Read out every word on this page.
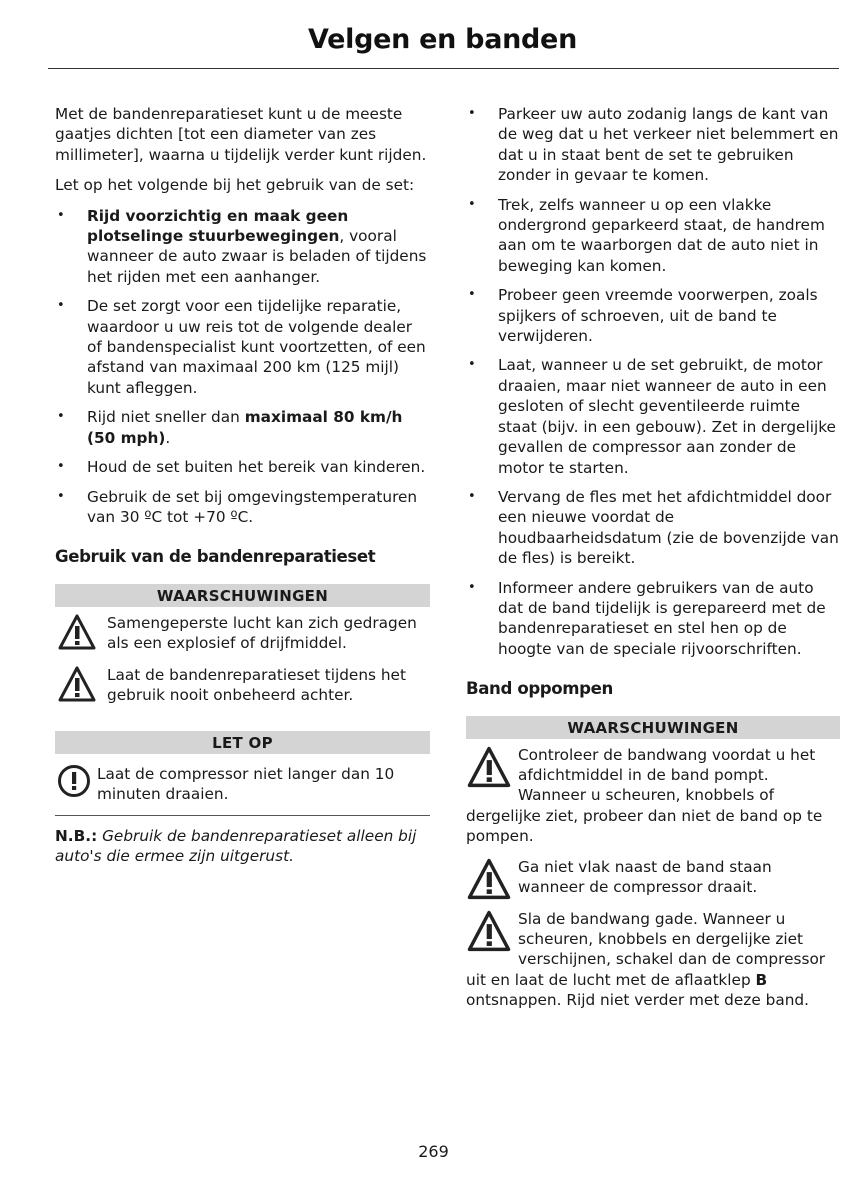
Velgen en banden

Met de bandenreparatieset kunt u de meeste gaatjes dichten [tot een diameter van zes millimeter], waarna u tijdelijk verder kunt rijden.

Let op het volgende bij het gebruik van de set:

• Rijd voorzichtig en maak geen plotselinge stuurbewegingen, vooral wanneer de auto zwaar is beladen of tijdens het rijden met een aanhanger.
• De set zorgt voor een tijdelijke reparatie, waardoor u uw reis tot de volgende dealer of bandenspecialist kunt voortzetten, of een afstand van maximaal 200 km (125 mijl) kunt afleggen.
• Rijd niet sneller dan maximaal 80 km/h (50 mph).
• Houd de set buiten het bereik van kinderen.
• Gebruik de set bij omgevingstemperaturen van 30 ºC tot +70 ºC.
Gebruik van de bandenreparatieset
WAARSCHUWINGEN
Samengeperste lucht kan zich gedragen als een explosief of drijfmiddel.
Laat de bandenreparatieset tijdens het gebruik nooit onbeheerd achter.
LET OP
Laat de compressor niet langer dan 10 minuten draaien.

N.B.: Gebruik de bandenreparatieset alleen bij auto's die ermee zijn uitgerust.

• Parkeer uw auto zodanig langs de kant van de weg dat u het verkeer niet belemmert en dat u in staat bent de set te gebruiken zonder in gevaar te komen.
• Trek, zelfs wanneer u op een vlakke ondergrond geparkeerd staat, de handrem aan om te waarborgen dat de auto niet in beweging kan komen.
• Probeer geen vreemde voorwerpen, zoals spijkers of schroeven, uit de band te verwijderen.
• Laat, wanneer u de set gebruikt, de motor draaien, maar niet wanneer de auto in een gesloten of slecht geventileerde ruimte staat (bijv. in een gebouw). Zet in dergelijke gevallen de compressor aan zonder de motor te starten.
• Vervang de fles met het afdichtmiddel door een nieuwe voordat de houdbaarheidsdatum (zie de bovenzijde van de fles) is bereikt.
• Informeer andere gebruikers van de auto dat de band tijdelijk is gerepareerd met de bandenreparatieset en stel hen op de hoogte van de speciale rijvoorschriften.
Band oppompen
WAARSCHUWINGEN
Controleer de bandwang voordat u het afdichtmiddel in de band pompt. Wanneer u scheuren, knobbels of dergelijke ziet, probeer dan niet de band op te pompen.
Ga niet vlak naast de band staan wanneer de compressor draait.
Sla de bandwang gade. Wanneer u scheuren, knobbels en dergelijke ziet verschijnen, schakel dan de compressor uit en laat de lucht met de aflaatklep B ontsnappen. Rijd niet verder met deze band.
269
